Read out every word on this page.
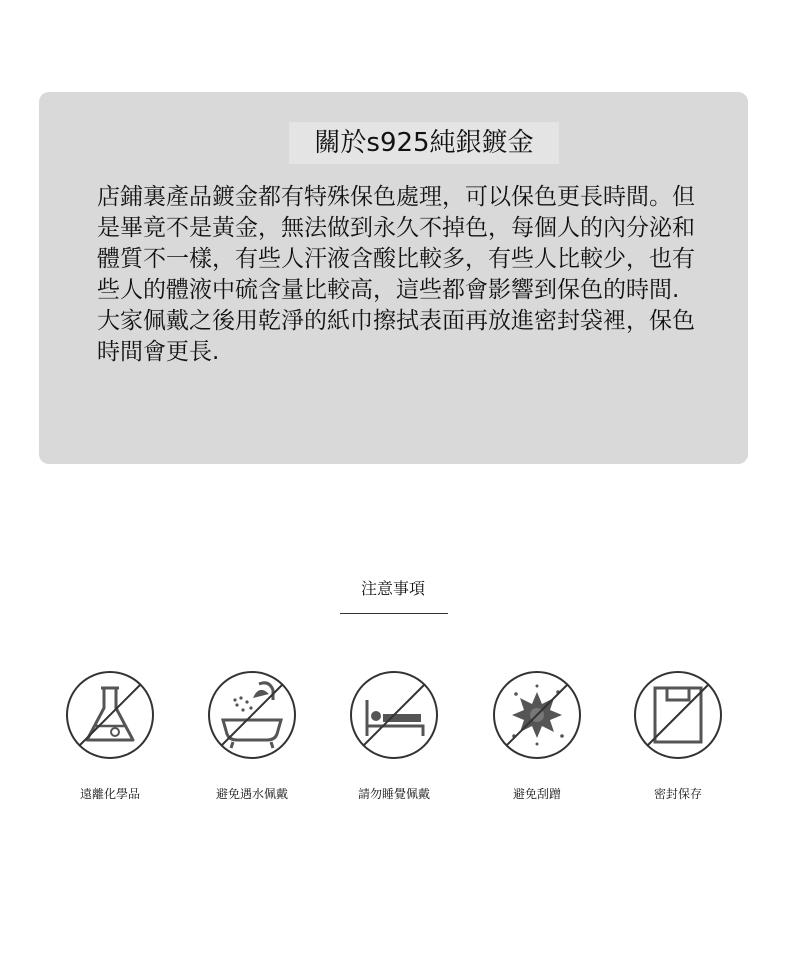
關於s925純銀鍍金

店鋪裏產品鍍金都有特殊保色處理，可以保色更長時間。但是畢竟不是黃金，無法做到永久不掉色，每個人的內分泌和體質不一樣，有些人汗液含酸比較多，有些人比較少，也有些人的體液中硫含量比較高，這些都會影響到保色的時間. 大家佩戴之後用乾淨的紙巾擦拭表面再放進密封袋裡，保色時間會更長.

注意事項
遠離化學品	避免遇水佩戴	請勿睡覺佩戴	避免刮蹭	密封保存
